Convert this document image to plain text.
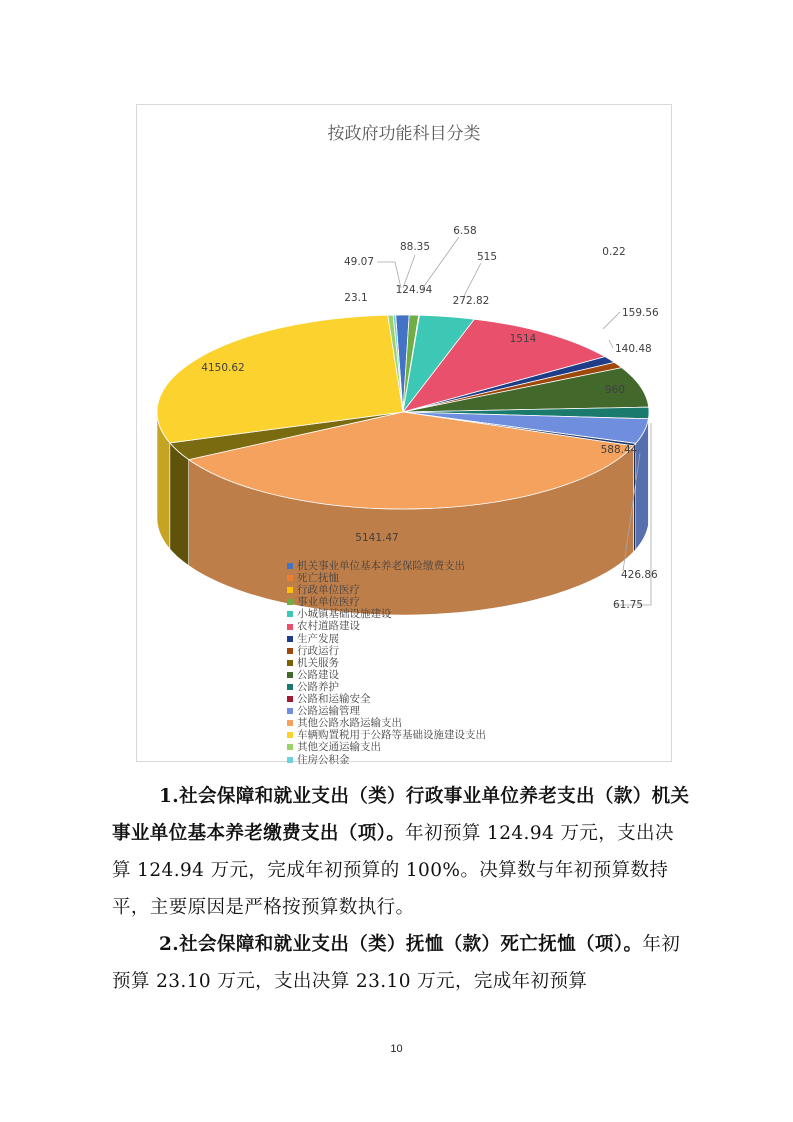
按政府功能科目分类
124.94
88.35
6.58
515
1514
0.22
159.56
140.48
960
272.82
588.44
61.75
5141.47
426.86
4150.62
49.07
23.1
机关事业单位基本养老保险缴费支出
死亡抚恤
行政单位医疗
事业单位医疗
小城镇基础设施建设
农村道路建设
生产发展
行政运行
机关服务
公路建设
公路养护
公路和运输安全
公路运输管理
其他公路水路运输支出
车辆购置税用于公路等基础设施建设支出
其他交通运输支出
住房公积金

1.社会保障和就业支出（类）行政事业单位养老支出（款）机关事业单位基本养老缴费支出（项）。年初预算 124.94 万元，支出决算 124.94 万元，完成年初预算的 100%。决算数与年初预算数持平，主要原因是严格按预算数执行。

2.社会保障和就业支出（类）抚恤（款）死亡抚恤（项）。年初预算 23.10 万元，支出决算 23.10 万元，完成年初预算

10
